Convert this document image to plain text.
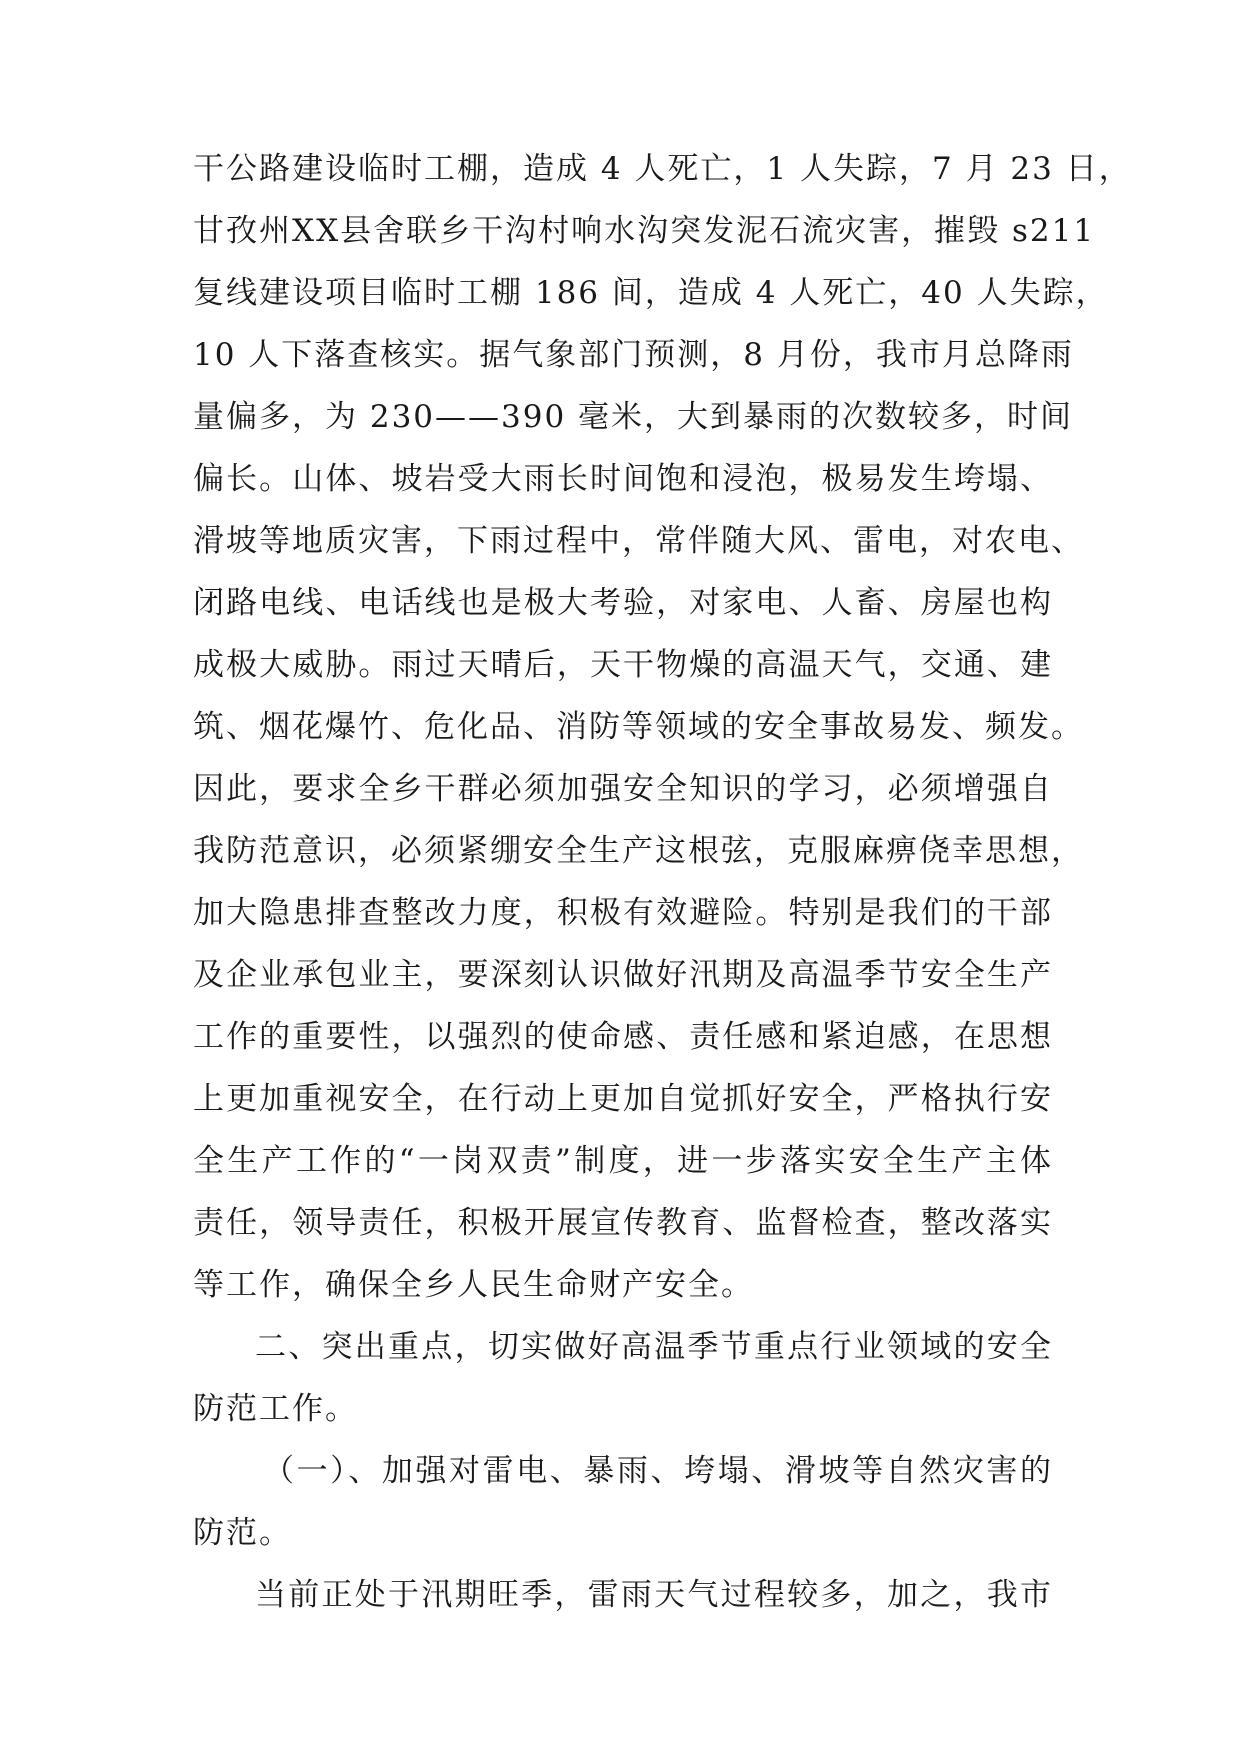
干公路建设临时工棚，造成 4 人死亡，1 人失踪，7 月 23 日，
甘孜州XX县舍联乡干沟村响水沟突发泥石流灾害，摧毁 s211
复线建设项目临时工棚 186 间，造成 4 人死亡，40 人失踪，
10 人下落查核实。据气象部门预测，8 月份，我市月总降雨
量偏多，为 230——390 毫米，大到暴雨的次数较多，时间
偏长。山体、坡岩受大雨长时间饱和浸泡，极易发生垮塌、
滑坡等地质灾害，下雨过程中，常伴随大风、雷电，对农电、
闭路电线、电话线也是极大考验，对家电、人畜、房屋也构
成极大威胁。雨过天晴后，天干物燥的高温天气，交通、建
筑、烟花爆竹、危化品、消防等领域的安全事故易发、频发。
因此，要求全乡干群必须加强安全知识的学习，必须增强自
我防范意识，必须紧绷安全生产这根弦，克服麻痹侥幸思想，
加大隐患排查整改力度，积极有效避险。特别是我们的干部
及企业承包业主，要深刻认识做好汛期及高温季节安全生产
工作的重要性，以强烈的使命感、责任感和紧迫感，在思想
上更加重视安全，在行动上更加自觉抓好安全，严格执行安
全生产工作的“一岗双责”制度，进一步落实安全生产主体
责任，领导责任，积极开展宣传教育、监督检查，整改落实
等工作，确保全乡人民生命财产安全。
二、突出重点，切实做好高温季节重点行业领域的安全
防范工作。
（一）、加强对雷电、暴雨、垮塌、滑坡等自然灾害的
防范。
当前正处于汛期旺季，雷雨天气过程较多，加之，我市
